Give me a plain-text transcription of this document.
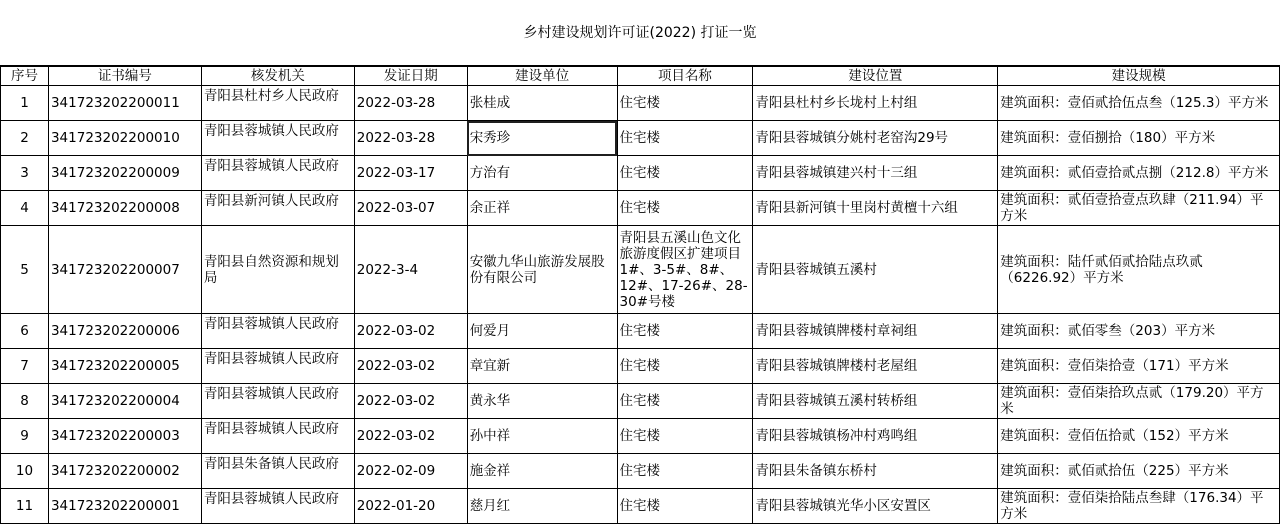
乡村建设规划许可证(2022) 打证一览
序号	证书编号	核发机关	发证日期	建设单位	项目名称	建设位置	建设规模
1	341723202200011	青阳县杜村乡人民政府	2022-03-28	张桂成	住宅楼	青阳县杜村乡长垅村上村组	建筑面积：壹佰贰拾伍点叁（125.3）平方米
2	341723202200010	青阳县蓉城镇人民政府	2022-03-28	宋秀珍	住宅楼	青阳县蓉城镇分姚村老窑沟29号	建筑面积：壹佰捌拾（180）平方米
3	341723202200009	青阳县蓉城镇人民政府	2022-03-17	方治有	住宅楼	青阳县蓉城镇建兴村十三组	建筑面积：贰佰壹拾贰点捌（212.8）平方米
4	341723202200008	青阳县新河镇人民政府	2022-03-07	余正祥	住宅楼	青阳县新河镇十里岗村黄檀十六组	建筑面积：贰佰壹拾壹点玖肆（211.94）平方米
5	341723202200007	青阳县自然资源和规划局	2022-3-4	安徽九华山旅游发展股份有限公司	青阳县五溪山色文化旅游度假区扩建项目1#、3-5#、8#、12#、17-26#、28-30#号楼	青阳县蓉城镇五溪村	建筑面积：陆仟贰佰贰拾陆点玖贰（6226.92）平方米
6	341723202200006	青阳县蓉城镇人民政府	2022-03-02	何爱月	住宅楼	青阳县蓉城镇牌楼村章祠组	建筑面积：贰佰零叁（203）平方米
7	341723202200005	青阳县蓉城镇人民政府	2022-03-02	章宜新	住宅楼	青阳县蓉城镇牌楼村老屋组	建筑面积：壹佰柒拾壹（171）平方米
8	341723202200004	青阳县蓉城镇人民政府	2022-03-02	黄永华	住宅楼	青阳县蓉城镇五溪村转桥组	建筑面积：壹佰柒拾玖点贰（179.20）平方米
9	341723202200003	青阳县蓉城镇人民政府	2022-03-02	孙中祥	住宅楼	青阳县蓉城镇杨冲村鸡鸣组	建筑面积：壹佰伍拾贰（152）平方米
10	341723202200002	青阳县朱备镇人民政府	2022-02-09	施金祥	住宅楼	青阳县朱备镇东桥村	建筑面积：贰佰贰拾伍（225）平方米
11	341723202200001	青阳县蓉城镇人民政府	2022-01-20	慈月红	住宅楼	青阳县蓉城镇光华小区安置区	建筑面积：壹佰柒拾陆点叁肆（176.34）平方米
